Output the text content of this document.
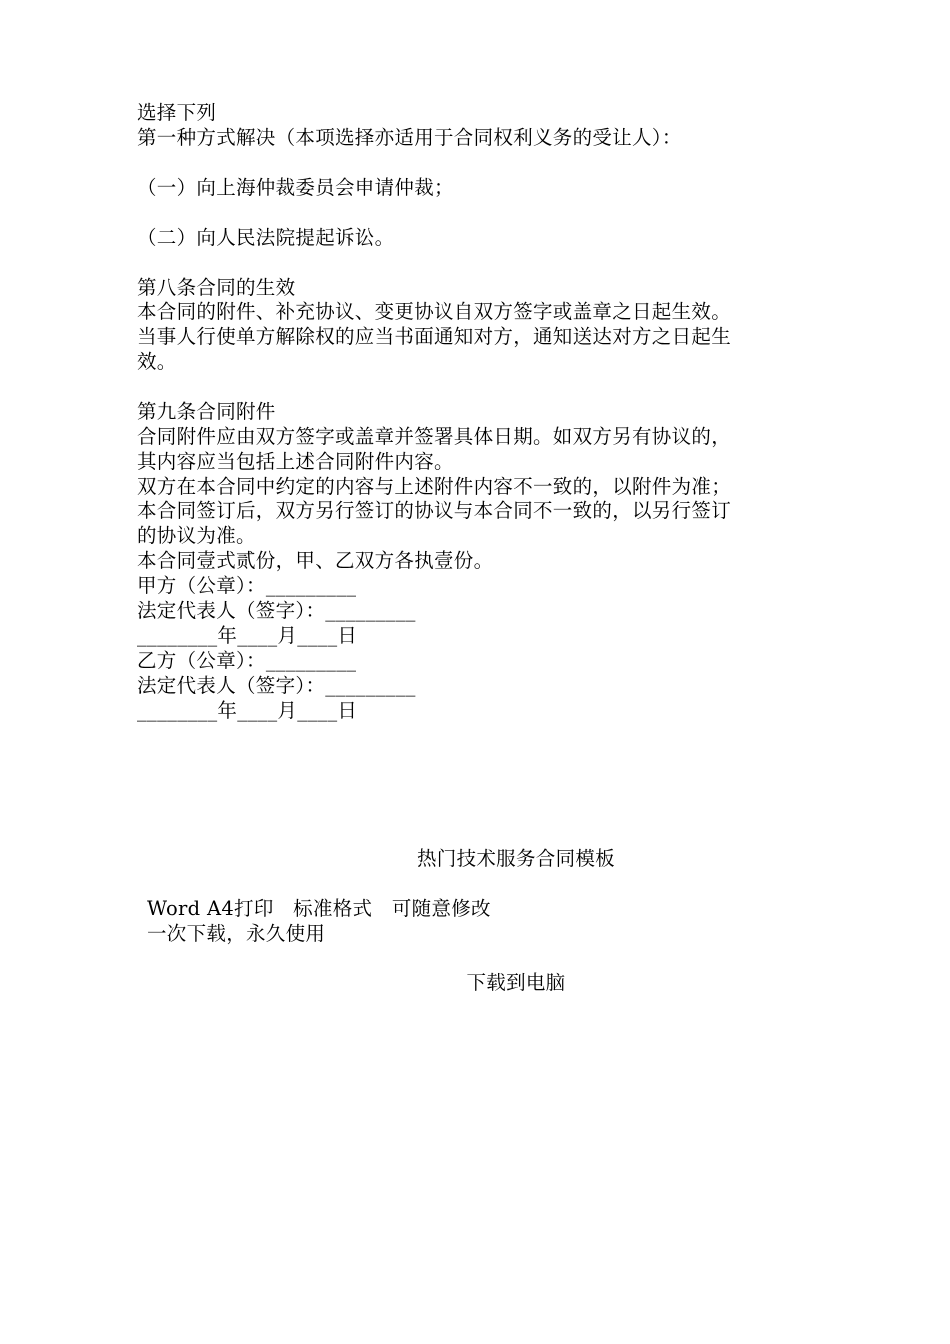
选择下列
第一种方式解决（本项选择亦适用于合同权利义务的受让人）：
（一）向上海仲裁委员会申请仲裁；
（二）向人民法院提起诉讼。
第八条合同的生效
本合同的附件、补充协议、变更协议自双方签字或盖章之日起生效。
当事人行使单方解除权的应当书面通知对方，通知送达对方之日起生
效。
第九条合同附件
合同附件应由双方签字或盖章并签署具体日期。如双方另有协议的，
其内容应当包括上述合同附件内容。
双方在本合同中约定的内容与上述附件内容不一致的，以附件为准；
本合同签订后，双方另行签订的协议与本合同不一致的，以另行签订
的协议为准。
本合同壹式贰份，甲、乙双方各执壹份。
甲方（公章）：_________
法定代表人（签字）：_________
________年____月____日
乙方（公章）：_________
法定代表人（签字）：_________
________年____月____日
热门技术服务合同模板
Word A4打印   标准格式   可随意修改
一次下载，永久使用
下载到电脑
